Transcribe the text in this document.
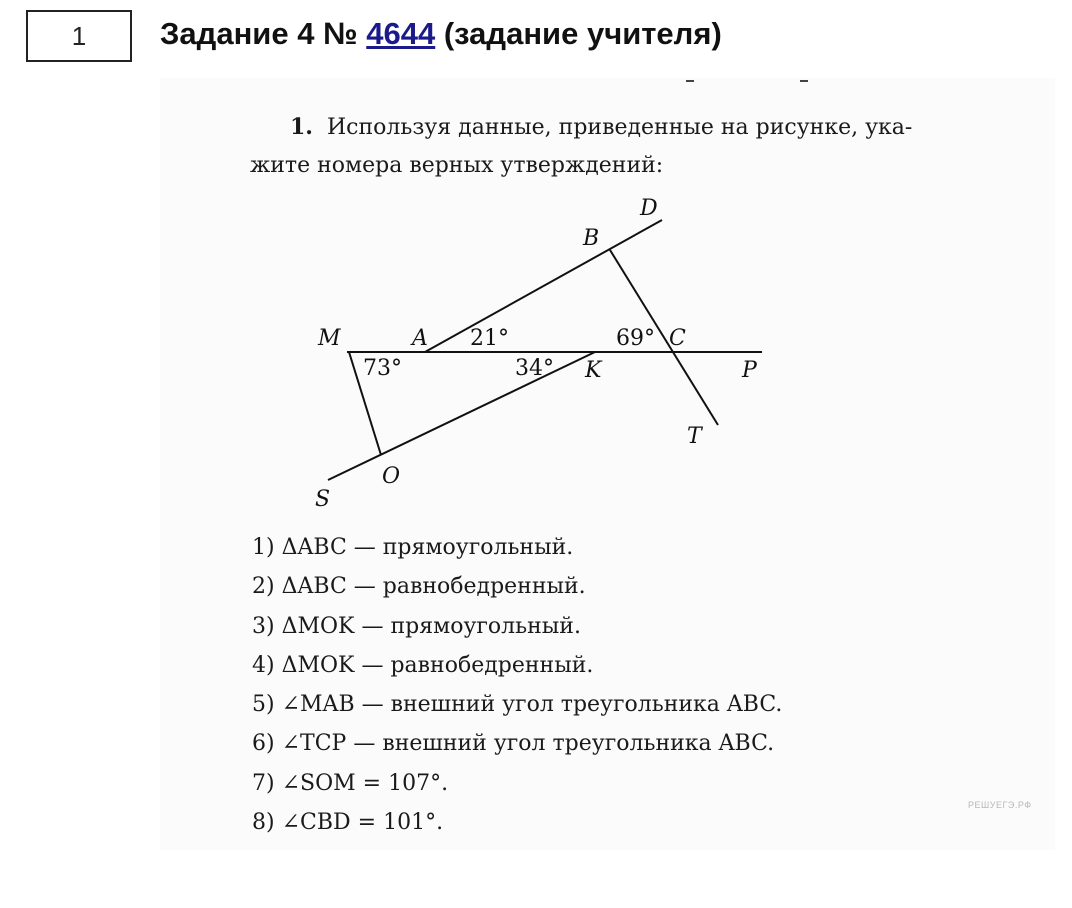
1 Задание 4 № 4644 (задание учителя)
1. Используя данные, приведенные на рисунке, ука-
жите номера верных утверждений:
D
B
M	A	C
K	P
T
O
S
21°	69°
73°	34°
1) ΔABC — прямоугольный.
2) ΔABC — равнобедренный.
3) ΔMOK — прямоугольный.
4) ΔMOK — равнобедренный.
5) ∠MAB — внешний угол треугольника ABC.
6) ∠TCP — внешний угол треугольника ABC.
7) ∠SOM = 107°.
8) ∠CBD = 101°.
РЕШУЕГЭ.РФ
